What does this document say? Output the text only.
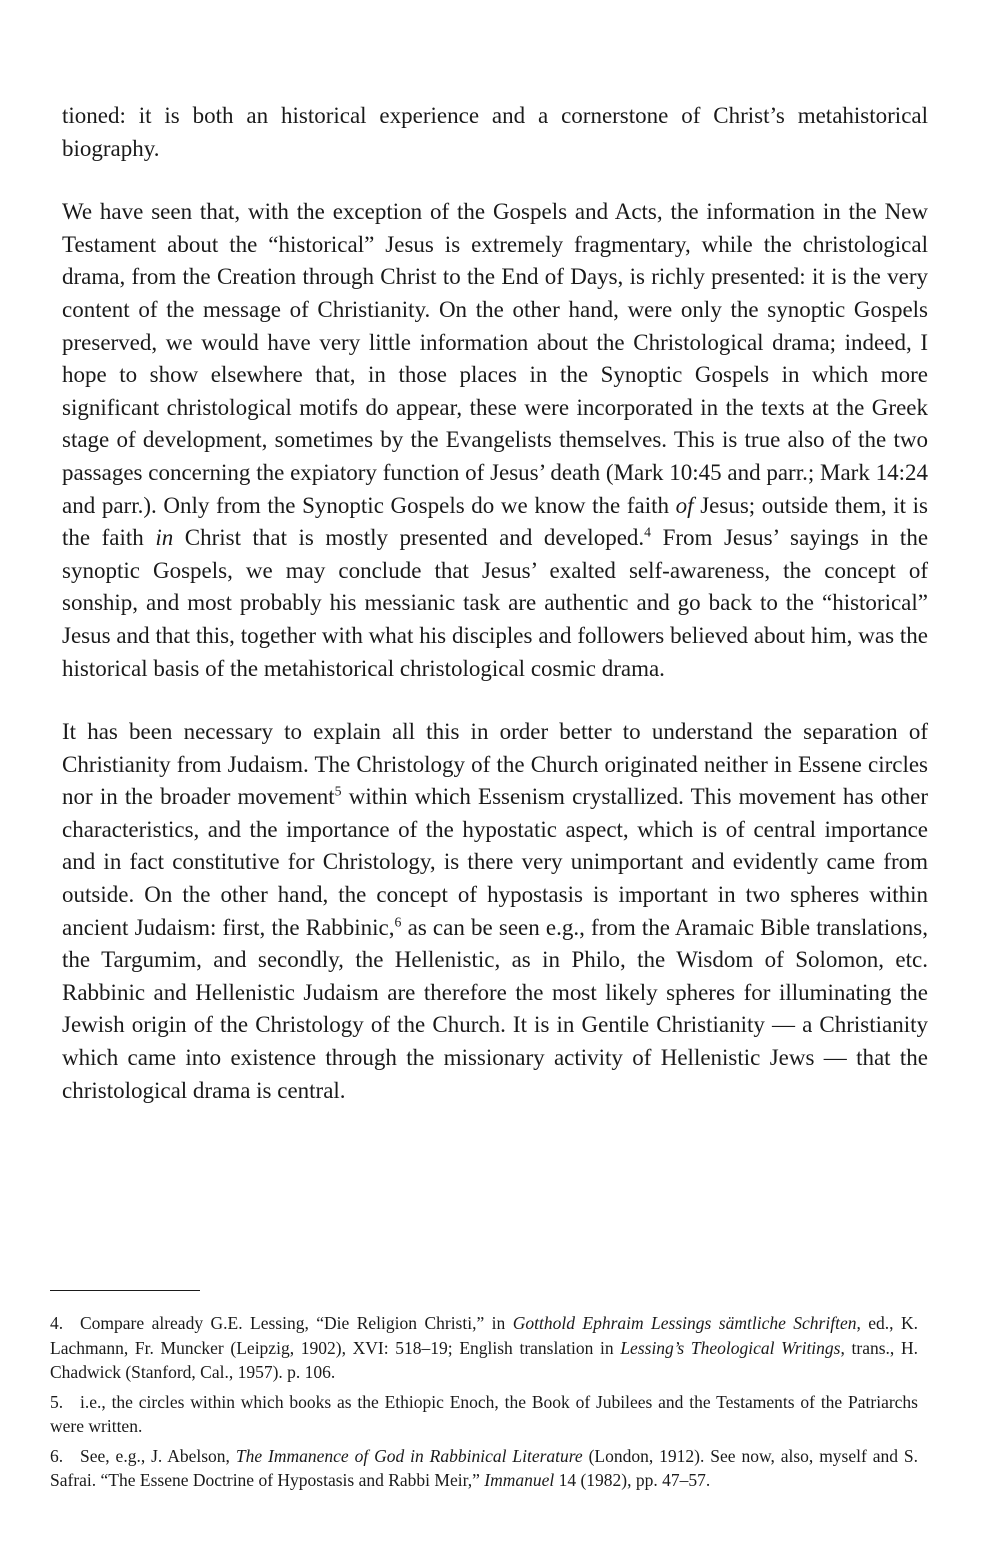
tioned: it is both an historical experience and a cornerstone of Christ’s metahistorical biography.

We have seen that, with the exception of the Gospels and Acts, the information in the New Testament about the “historical” Jesus is extremely fragmentary, while the christological drama, from the Creation through Christ to the End of Days, is richly presented: it is the very content of the message of Christianity. On the other hand, were only the synoptic Gospels preserved, we would have very little information about the Christological drama; indeed, I hope to show elsewhere that, in those places in the Synoptic Gospels in which more significant christological motifs do appear, these were incorporated in the texts at the Greek stage of development, sometimes by the Evangelists themselves. This is true also of the two passages concerning the expiatory function of Jesus’ death (Mark 10:45 and parr.; Mark 14:24 and parr.). Only from the Synoptic Gospels do we know the faith of Jesus; outside them, it is the faith in Christ that is mostly presented and developed.$^4$ From Jesus’ sayings in the synoptic Gospels, we may conclude that Jesus’ exalted self-awareness, the concept of sonship, and most probably his messianic task are authentic and go back to the “historical” Jesus and that this, together with what his disciples and followers believed about him, was the historical basis of the metahistorical christological cosmic drama.

It has been necessary to explain all this in order better to understand the separation of Christianity from Judaism. The Christology of the Church originated neither in Essene circles nor in the broader movement$^5$ within which Essenism crystallized. This movement has other characteristics, and the importance of the hypostatic aspect, which is of central importance and in fact constitutive for Christology, is there very unimportant and evidently came from outside. On the other hand, the concept of hypostasis is important in two spheres within ancient Judaism: first, the Rabbinic,$^6$ as can be seen e.g., from the Aramaic Bible translations, the Targumim, and secondly, the Hellenistic, as in Philo, the Wisdom of Solomon, etc. Rabbinic and Hellenistic Judaism are therefore the most likely spheres for illuminating the Jewish origin of the Christology of the Church. It is in Gentile Christianity — a Christianity which came into existence through the missionary activity of Hellenistic Jews — that the christological drama is central.

4. Compare already G.E. Lessing, “Die Religion Christi,” in Gotthold Ephraim Lessings sämtliche Schriften, ed., K. Lachmann, Fr. Muncker (Leipzig, 1902), XVI: 518–19; English translation in Lessing’s Theological Writings, trans., H. Chadwick (Stanford, Cal., 1957). p. 106.

5. i.e., the circles within which books as the Ethiopic Enoch, the Book of Jubilees and the Testaments of the Patriarchs were written.

6. See, e.g., J. Abelson, The Immanence of God in Rabbinical Literature (London, 1912). See now, also, myself and S. Safrai. “The Essene Doctrine of Hypostasis and Rabbi Meir,” Immanuel 14 (1982), pp. 47–57.
